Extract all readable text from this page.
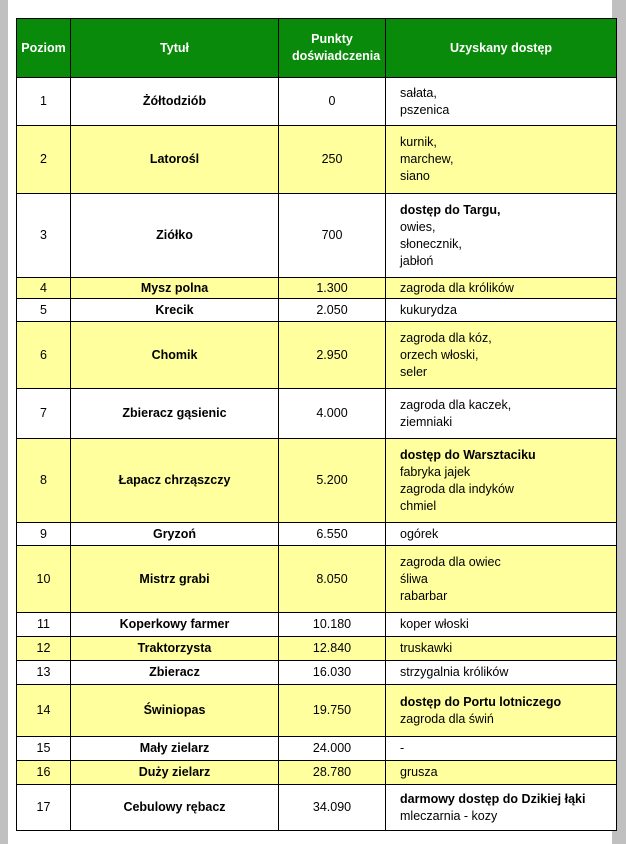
Poziom	Tytuł	Punkty doświadczenia	Uzyskany dostęp
1	Żółtodziób	0	sałata,
pszenica

2	Latorośl	250	kurnik,
marchew,
siano

3	Ziółko	700	dostęp do Targu,
owies,
słonecznik,
jabłoń

4	Mysz polna	1.300	zagroda dla królików

5	Krecik	2.050	kukurydza

6	Chomik	2.950	zagroda dla kóz,
orzech włoski,
seler

7	Zbieracz gąsienic	4.000	zagroda dla kaczek,
ziemniaki

8	Łapacz chrząszczy	5.200	dostęp do Warsztaciku
fabryka jajek
zagroda dla indyków
chmiel

9	Gryzoń	6.550	ogórek

10	Mistrz grabi	8.050	zagroda dla owiec
śliwa
rabarbar

11	Koperkowy farmer	10.180	koper włoski

12	Traktorzysta	12.840	truskawki

13	Zbieracz	16.030	strzygalnia królików

14	Świniopas	19.750	dostęp do Portu lotniczego
zagroda dla świń

15	Mały zielarz	24.000	-

16	Duży zielarz	28.780	grusza

17	Cebulowy rębacz	34.090	darmowy dostęp do Dzikiej łąki
mleczarnia - kozy
